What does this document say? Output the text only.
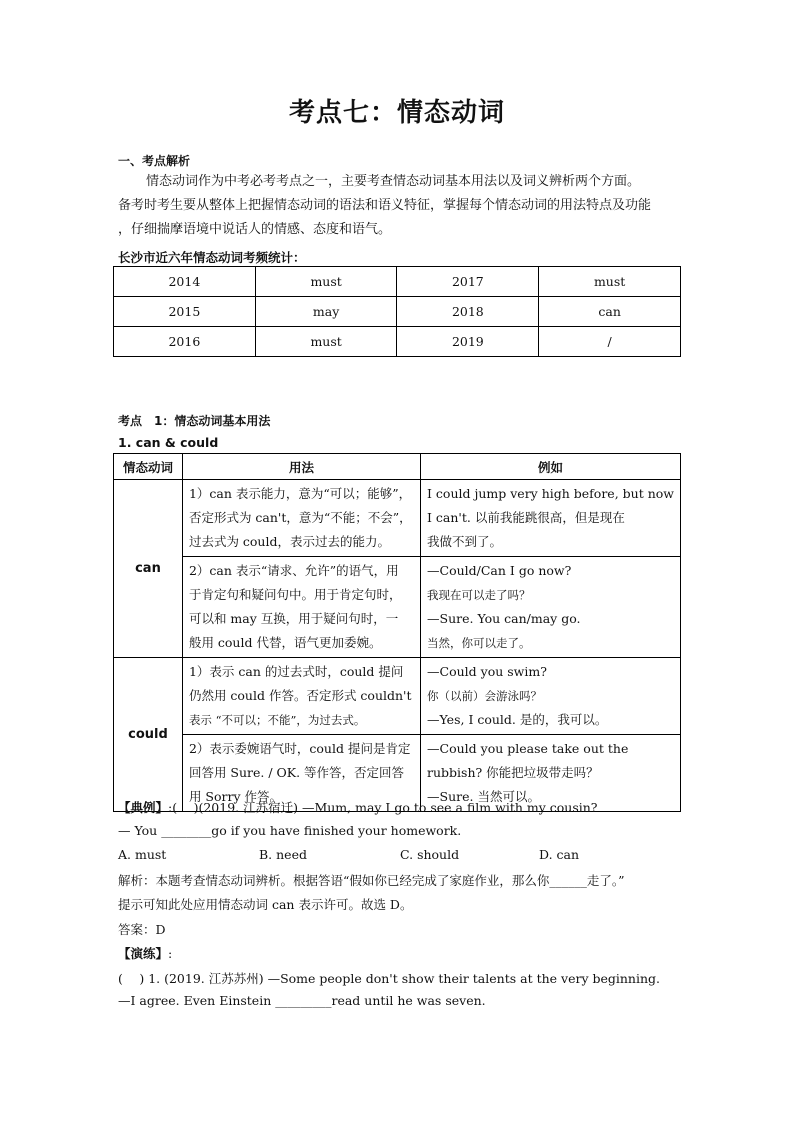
考点七：情态动词
一、考点解析
情态动词作为中考必考考点之一，主要考查情态动词基本用法以及词义辨析两个方面。
备考时考生要从整体上把握情态动词的语法和语义特征，掌握每个情态动词的用法特点及功能
，仔细揣摩语境中说话人的情感、态度和语气。
长沙市近六年情态动词考频统计：
2014	must	2017	must
2015	may	2018	can
2016	must	2019	/
考点　1：情态动词基本用法
1. can & could
情态动词	用法	例如
can	1）can 表示能力，意为“可以；能够”，
否定形式为 can't，意为“不能；不会”，
过去式为 could，表示过去的能力。	I could jump very high before, but now
I can't. 以前我能跳很高，但是现在
我做不到了。

	2）can 表示“请求、允许”的语气，用
于肯定句和疑问句中。用于肯定句时，
可以和 may 互换，用于疑问句时，一
般用 could 代替，语气更加委婉。	—Could/Can I go now?
我现在可以走了吗？
—Sure. You can/may go.
当然，你可以走了。

could	1）表示 can 的过去式时，could 提问
仍然用 could 作答。否定形式 couldn't
表示 “不可以；不能”，为过去式。	—Could you swim?
你（以前）会游泳吗？
—Yes, I could. 是的，我可以。

	2）表示委婉语气时，could 提问是肯定
回答用 Sure. / OK. 等作答，否定回答
用 Sorry 作答。	—Could you please take out the
rubbish? 你能把垃圾带走吗？
—Sure. 当然可以。
【典例】:(　 )(2019. 江苏宿迁) —Mum, may I go to see a film with my cousin?
— You ________go if you have finished your homework.
A. must	B. need	C. should	D. can
解析：本题考查情态动词辨析。根据答语“假如你已经完成了家庭作业，那么你______走了。”
提示可知此处应用情态动词 can 表示许可。故选 D。
答案：D
【演练】:
(　 ) 1. (2019. 江苏苏州) —Some people don't show their talents at the very beginning.
—I agree. Even Einstein _________read until he was seven.
